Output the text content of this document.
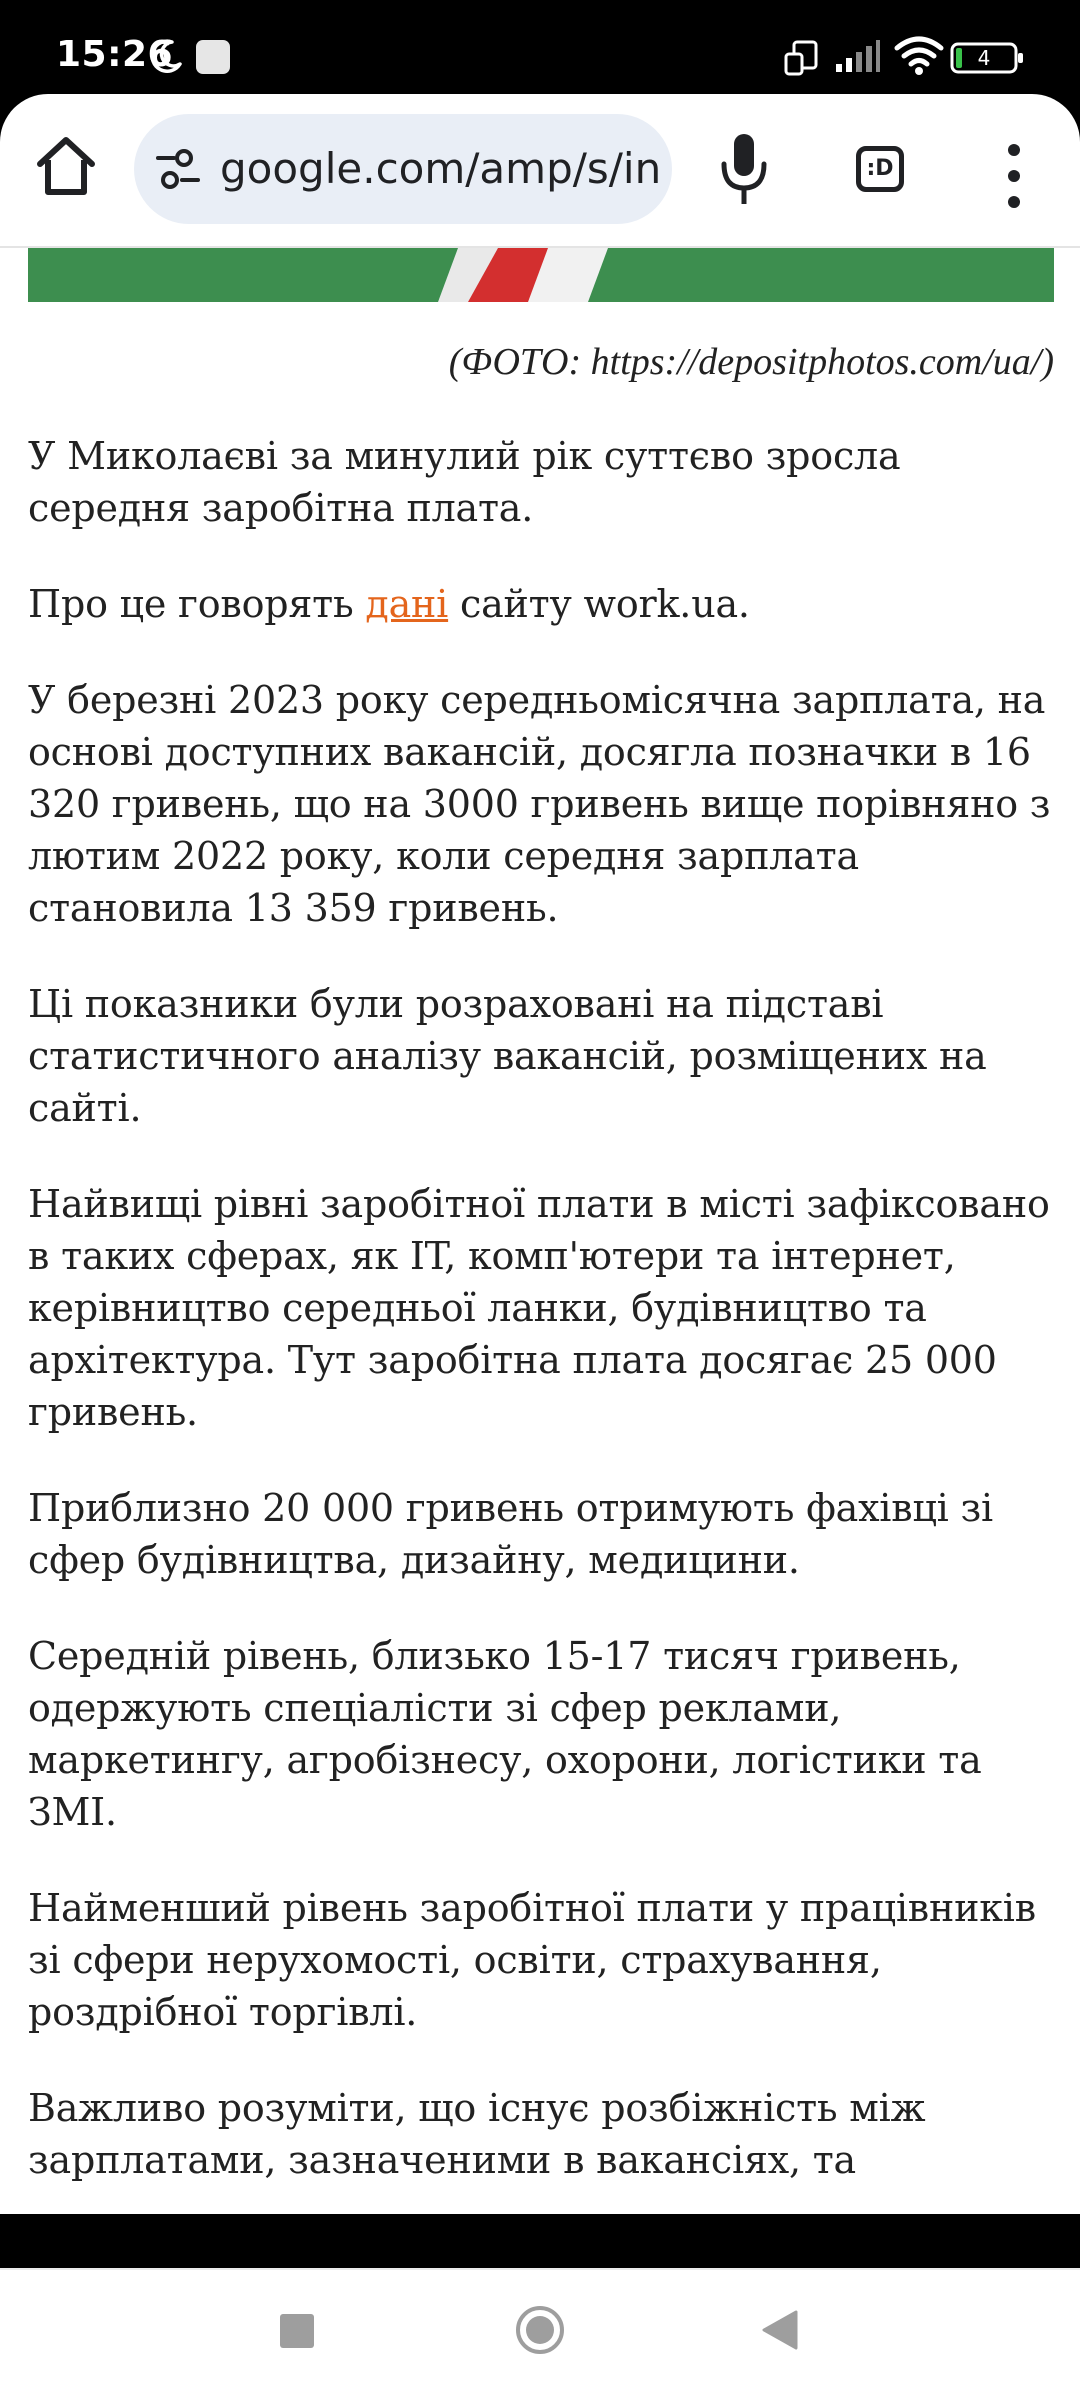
15:26	4
google.com/amp/s/in	:D
(ФОТО: https://depositphotos.com/ua/)

У Миколаєві за минулий рік суттєво зросла середня заробітна плата.

Про це говорять дані сайту work.ua.

У березні 2023 року середньомісячна зарплата, на основі доступних вакансій, досягла позначки в 16 320 гривень, що на 3000 гривень вище порівняно з лютим 2022 року, коли середня зарплата становила 13 359 гривень.

Ці показники були розраховані на підставі статистичного аналізу вакансій, розміщених на сайті.

Найвищі рівні заробітної плати в місті зафіксовано в таких сферах, як IT, комп'ютери та інтернет, керівництво середньої ланки, будівництво та архітектура. Тут заробітна плата досягає 25 000 гривень.

Приблизно 20 000 гривень отримують фахівці зі сфер будівництва, дизайну, медицини.

Середній рівень, близько 15-17 тисяч гривень, одержують спеціалісти зі сфер реклами, маркетингу, агробізнесу, охорони, логістики та ЗМІ.

Найменший рівень заробітної плати у працівників зі сфери нерухомості, освіти, страхування, роздрібної торгівлі.

Важливо розуміти, що існує розбіжність між зарплатами, зазначеними в вакансіях, та
